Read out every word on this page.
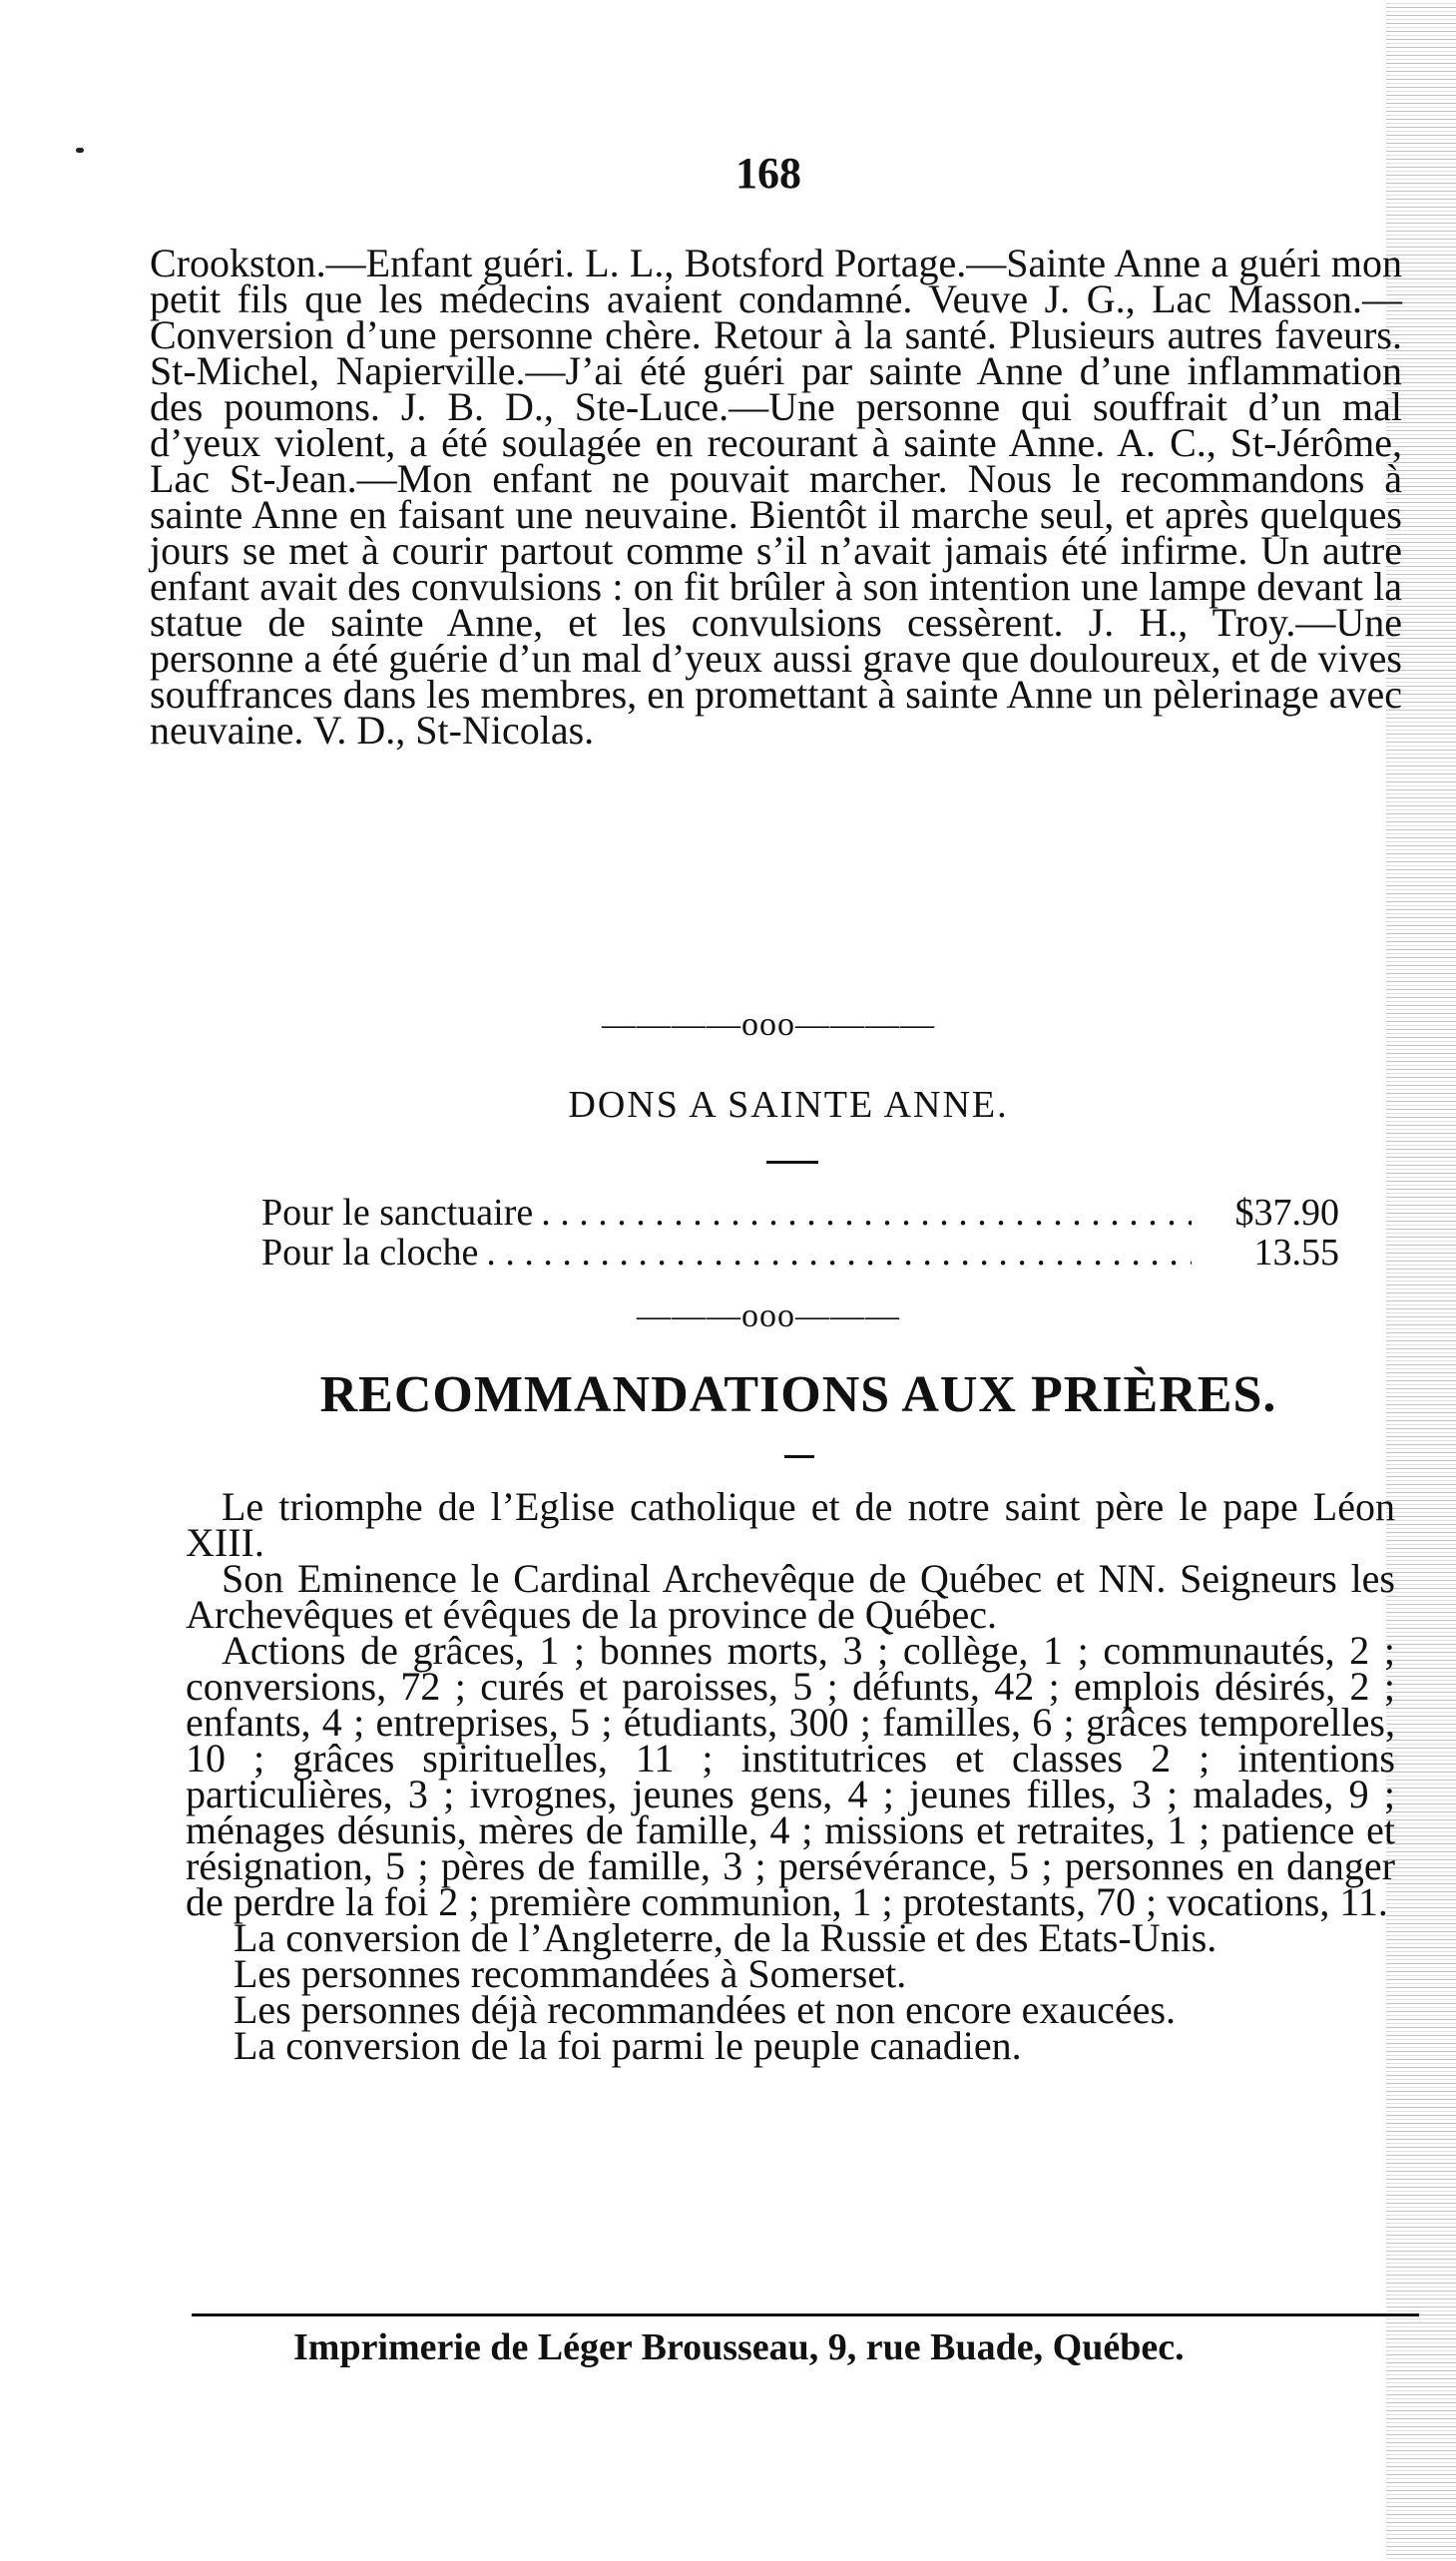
168

Crookston.—Enfant guéri. L. L., Botsford Portage.—Sainte Anne a guéri mon petit fils que les médecins avaient condamné. Veuve J. G., Lac Masson.—Conversion d’une personne chère. Retour à la santé. Plusieurs autres faveurs. St-Michel, Napierville.—J’ai été guéri par sainte Anne d’une inflammation des poumons. J. B. D., Ste-Luce.—Une personne qui souffrait d’un mal d’yeux violent, a été soulagée en recourant à sainte Anne. A. C., St-Jérôme, Lac St-Jean.—Mon enfant ne pouvait marcher. Nous le recommandons à sainte Anne en faisant une neuvaine. Bientôt il marche seul, et après quelques jours se met à courir partout comme s’il n’avait jamais été infirme. Un autre enfant avait des convulsions : on fit brûler à son intention une lampe devant la statue de sainte Anne, et les convulsions cessèrent. J. H., Troy.—Une personne a été guérie d’un mal d’yeux aussi grave que douloureux, et de vives souffrances dans les membres, en promettant à sainte Anne un pèlerinage avec neuvaine. V. D., St-Nicolas.

————ooo————
DONS A SAINTE ANNE.
Pour le sanctuaire . . .	$37.90
Pour la cloche . . .	13.55
———ooo———
RECOMMANDATIONS AUX PRIÈRES.

Le triomphe de l’Eglise catholique et de notre saint père le pape Léon XIII.

Son Eminence le Cardinal Archevêque de Québec et NN. Seigneurs les Archevêques et évêques de la province de Québec.

Actions de grâces, 1 ; bonnes morts, 3 ; collège, 1 ; communautés, 2 ; conversions, 72 ; curés et paroisses, 5 ; défunts, 42 ; emplois désirés, 2 ; enfants, 4 ; entreprises, 5 ; étudiants, 300 ; familles, 6 ; grâces temporelles, 10 ; grâces spirituelles, 11 ; institutrices et classes 2 ; intentions particulières, 3 ; ivrognes, jeunes gens, 4 ; jeunes filles, 3 ; malades, 9 ; ménages désunis, mères de famille, 4 ; missions et retraites, 1 ; patience et résignation, 5 ; pères de famille, 3 ; persévérance, 5 ; personnes en danger de perdre la foi 2 ; première communion, 1 ; protestants, 70 ; vocations, 11.

La conversion de l’Angleterre, de la Russie et des Etats-Unis.

Les personnes recommandées à Somerset.

Les personnes déjà recommandées et non encore exaucées.

La conversion de la foi parmi le peuple canadien.

Imprimerie de Léger Brousseau, 9, rue Buade, Québec.
